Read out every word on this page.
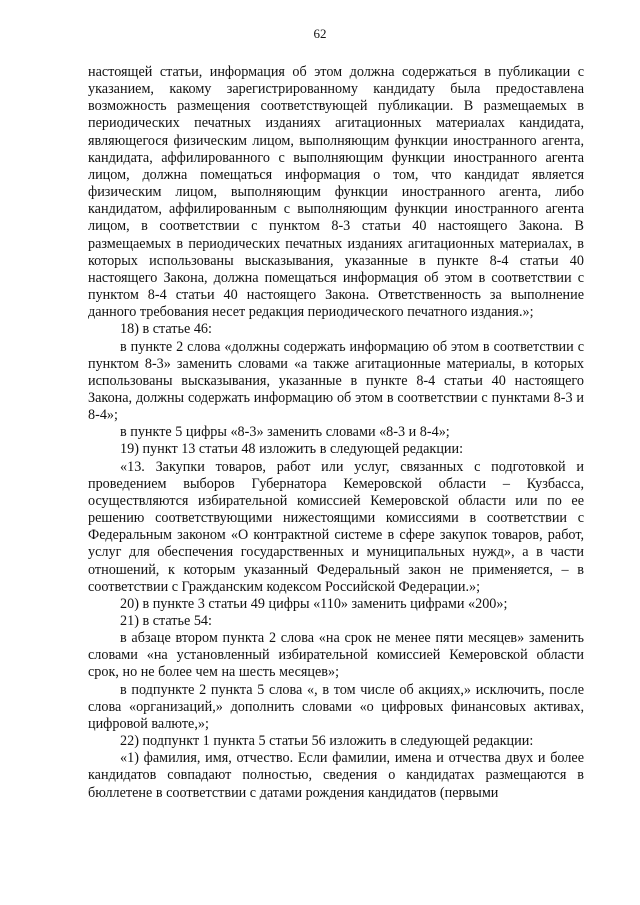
62

настоящей статьи, информация об этом должна содержаться в публикации с указанием, какому зарегистрированному кандидату была предоставлена возможность размещения соответствующей публикации. В размещаемых в периодических печатных изданиях агитационных материалах кандидата, являющегося физическим лицом, выполняющим функции иностранного агента, кандидата, аффилированного с выполняющим функции иностранного агента лицом, должна помещаться информация о том, что кандидат является физическим лицом, выполняющим функции иностранного агента, либо кандидатом, аффилированным с выполняющим функции иностранного агента лицом, в соответствии с пунктом 8-3 статьи 40 настоящего Закона. В размещаемых в периодических печатных изданиях агитационных материалах, в которых использованы высказывания, указанные в пункте 8-4 статьи 40 настоящего Закона, должна помещаться информация об этом в соответствии с пунктом 8-4 статьи 40 настоящего Закона. Ответственность за выполнение данного требования несет редакция периодического печатного издания.»;

18) в статье 46:

в пункте 2 слова «должны содержать информацию об этом в соответствии с пунктом 8-3» заменить словами «а также агитационные материалы, в которых использованы высказывания, указанные в пункте 8-4 статьи 40 настоящего Закона, должны содержать информацию об этом в соответствии с пунктами 8-3 и 8-4»;

в пункте 5 цифры «8-3» заменить словами «8-3 и 8-4»;

19) пункт 13 статьи 48 изложить в следующей редакции:

«13. Закупки товаров, работ или услуг, связанных с подготовкой и проведением выборов Губернатора Кемеровской области – Кузбасса, осуществляются избирательной комиссией Кемеровской области или по ее решению соответствующими нижестоящими комиссиями в соответствии с Федеральным законом «О контрактной системе в сфере закупок товаров, работ, услуг для обеспечения государственных и муниципальных нужд», а в части отношений, к которым указанный Федеральный закон не применяется, – в соответствии с Гражданским кодексом Российской Федерации.»;

20) в пункте 3 статьи 49 цифры «110» заменить цифрами «200»;

21) в статье 54:

в абзаце втором пункта 2 слова «на срок не менее пяти месяцев» заменить словами «на установленный избирательной комиссией Кемеровской области срок, но не более чем на шесть месяцев»;

в подпункте 2 пункта 5 слова «, в том числе об акциях,» исключить, после слова «организаций,» дополнить словами «о цифровых финансовых активах, цифровой валюте,»;

22) подпункт 1 пункта 5 статьи 56 изложить в следующей редакции:

«1) фамилия, имя, отчество. Если фамилии, имена и отчества двух и более кандидатов совпадают полностью, сведения о кандидатах размещаются в бюллетене в соответствии с датами рождения кандидатов (первыми
